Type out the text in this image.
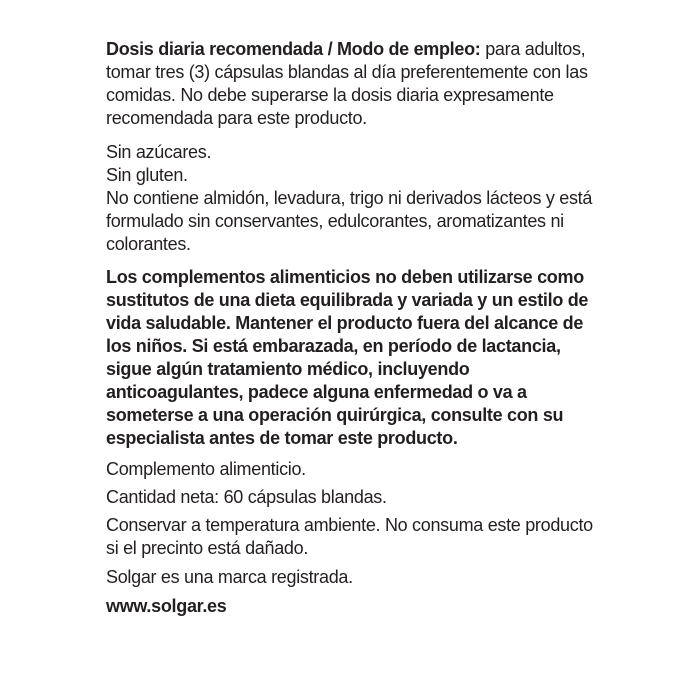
Dosis diaria recomendada / Modo de empleo: para adultos, tomar tres (3) cápsulas blandas al día preferentemente con las comidas. No debe superarse la dosis diaria expresamente recomendada para este producto.

Sin azúcares.
Sin gluten.
No contiene almidón, levadura, trigo ni derivados lácteos y está formulado sin conservantes, edulcorantes, aromatizantes ni colorantes.

Los complementos alimenticios no deben utilizarse como sustitutos de una dieta equilibrada y variada y un estilo de vida saludable. Mantener el producto fuera del alcance de los niños. Si está embarazada, en período de lactancia, sigue algún tratamiento médico, incluyendo anticoagulantes, padece alguna enfermedad o va a someterse a una operación quirúrgica, consulte con su especialista antes de tomar este producto.

Complemento alimenticio.

Cantidad neta: 60 cápsulas blandas.

Conservar a temperatura ambiente. No consuma este producto si el precinto está dañado.

Solgar es una marca registrada.

www.solgar.es
